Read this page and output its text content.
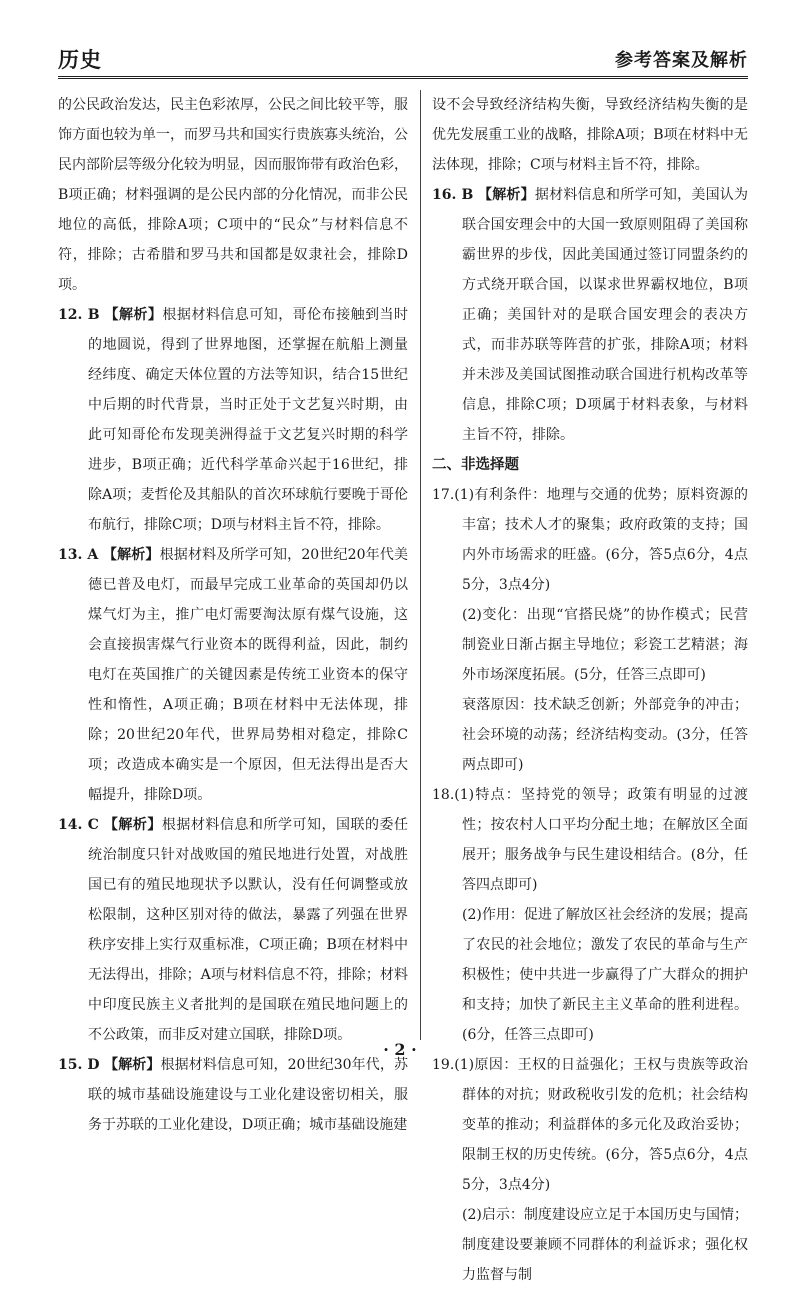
历史	参考答案及解析

的公民政治发达，民主色彩浓厚，公民之间比较平等，服饰方面也较为单一，而罗马共和国实行贵族寡头统治，公民内部阶层等级分化较为明显，因而服饰带有政治色彩，B项正确；材料强调的是公民内部的分化情况，而非公民地位的高低，排除A项；C项中的“民众”与材料信息不符，排除；古希腊和罗马共和国都是奴隶社会，排除D项。

12. B 【解析】根据材料信息可知，哥伦布接触到当时的地圆说，得到了世界地图，还掌握在航船上测量经纬度、确定天体位置的方法等知识，结合15世纪中后期的时代背景，当时正处于文艺复兴时期，由此可知哥伦布发现美洲得益于文艺复兴时期的科学进步，B项正确；近代科学革命兴起于16世纪，排除A项；麦哲伦及其船队的首次环球航行要晚于哥伦布航行，排除C项；D项与材料主旨不符，排除。

13. A 【解析】根据材料及所学可知，20世纪20年代美德已普及电灯，而最早完成工业革命的英国却仍以煤气灯为主，推广电灯需要淘汰原有煤气设施，这会直接损害煤气行业资本的既得利益，因此，制约电灯在英国推广的关键因素是传统工业资本的保守性和惰性，A项正确；B项在材料中无法体现，排除；20世纪20年代，世界局势相对稳定，排除C项；改造成本确实是一个原因，但无法得出是否大幅提升，排除D项。

14. C 【解析】根据材料信息和所学可知，国联的委任统治制度只针对战败国的殖民地进行处置，对战胜国已有的殖民地现状予以默认，没有任何调整或放松限制，这种区别对待的做法，暴露了列强在世界秩序安排上实行双重标准，C项正确；B项在材料中无法得出，排除；A项与材料信息不符，排除；材料中印度民族主义者批判的是国联在殖民地问题上的不公政策，而非反对建立国联，排除D项。

15. D 【解析】根据材料信息可知，20世纪30年代，苏联的城市基础设施建设与工业化建设密切相关，服务于苏联的工业化建设，D项正确；城市基础设施建

设不会导致经济结构失衡，导致经济结构失衡的是优先发展重工业的战略，排除A项；B项在材料中无法体现，排除；C项与材料主旨不符，排除。

16. B 【解析】据材料信息和所学可知，美国认为联合国安理会中的大国一致原则阻碍了美国称霸世界的步伐，因此美国通过签订同盟条约的方式绕开联合国，以谋求世界霸权地位，B项正确；美国针对的是联合国安理会的表决方式，而非苏联等阵营的扩张，排除A项；材料并未涉及美国试图推动联合国进行机构改革等信息，排除C项；D项属于材料表象，与材料主旨不符，排除。

二、非选择题

17.(1)有利条件：地理与交通的优势；原料资源的丰富；技术人才的聚集；政府政策的支持；国内外市场需求的旺盛。(6分，答5点6分，4点5分，3点4分)

(2)变化：出现“官搭民烧”的协作模式；民营制瓷业日渐占据主导地位；彩瓷工艺精湛；海外市场深度拓展。(5分，任答三点即可)

衰落原因：技术缺乏创新；外部竞争的冲击；社会环境的动荡；经济结构变动。(3分，任答两点即可)

18.(1)特点：坚持党的领导；政策有明显的过渡性；按农村人口平均分配土地；在解放区全面展开；服务战争与民生建设相结合。(8分，任答四点即可)

(2)作用：促进了解放区社会经济的发展；提高了农民的社会地位；激发了农民的革命与生产积极性；使中共进一步赢得了广大群众的拥护和支持；加快了新民主主义革命的胜利进程。(6分，任答三点即可)

19.(1)原因：王权的日益强化；王权与贵族等政治群体的对抗；财政税收引发的危机；社会结构变革的推动；利益群体的多元化及政治妥协；限制王权的历史传统。(6分，答5点6分，4点5分，3点4分)

(2)启示：制度建设应立足于本国历史与国情；制度建设要兼顾不同群体的利益诉求；强化权力监督与制

· 2 ·
